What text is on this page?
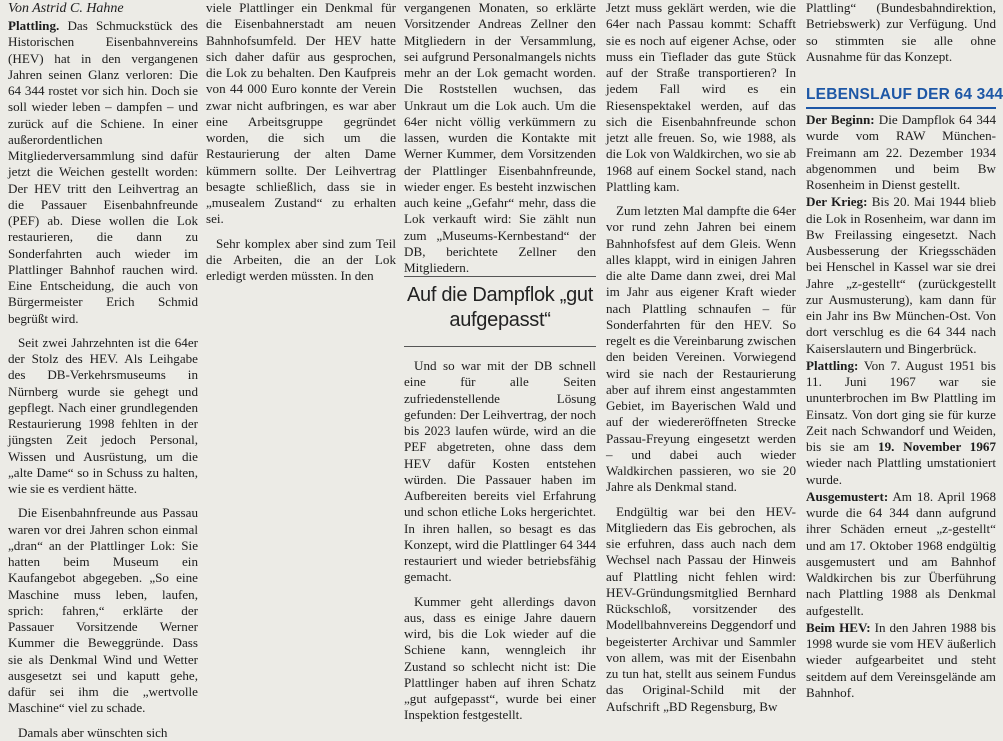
Von Astrid C. Hahne

Plattling. Das Schmuckstück des Historischen Eisenbahnvereins (HEV) hat in den vergangenen Jahren seinen Glanz verloren: Die 64 344 rostet vor sich hin. Doch sie soll wieder leben – dampfen – und zurück auf die Schiene. In einer außerordentlichen Mitgliederversammlung sind dafür jetzt die Weichen gestellt worden: Der HEV tritt den Leihvertrag an die Passauer Eisenbahnfreunde (PEF) ab. Diese wollen die Lok restaurieren, die dann zu Sonderfahrten auch wieder im Plattlinger Bahnhof rauchen wird. Eine Entscheidung, die auch von Bürgermeister Erich Schmid begrüßt wird.

Seit zwei Jahrzehnten ist die 64er der Stolz des HEV. Als Leihgabe des DB-Verkehrsmuseums in Nürnberg wurde sie gehegt und gepflegt. Nach einer grundlegenden Restaurierung 1998 fehlten in der jüngsten Zeit jedoch Personal, Wissen und Ausrüstung, um die „alte Dame“ so in Schuss zu halten, wie sie es verdient hätte.

Die Eisenbahnfreunde aus Passau waren vor drei Jahren schon einmal „dran“ an der Plattlinger Lok: Sie hatten beim Museum ein Kaufangebot abgegeben. „So eine Maschine muss leben, laufen, sprich: fahren,“ erklärte der Passauer Vorsitzende Werner Kummer die Beweggründe. Dass sie als Denkmal Wind und Wetter ausgesetzt sei und kaputt gehe, dafür sei ihm die „wertvolle Maschine“ viel zu schade.

Damals aber wünschten sich

viele Plattlinger ein Denkmal für die Eisenbahnerstadt am neuen Bahnhofsumfeld. Der HEV hatte sich daher dafür aus gesprochen, die Lok zu behalten. Den Kaufpreis von 44 000 Euro konnte der Verein zwar nicht aufbringen, es war aber eine Arbeitsgruppe gegründet worden, die sich um die Restaurierung der alten Dame kümmern sollte. Der Leihvertrag besagte schließlich, dass sie in „musealem Zustand“ zu erhalten sei.

Sehr komplex aber sind zum Teil die Arbeiten, die an der Lok erledigt werden müssten. In den

vergangenen Monaten, so erklärte Vorsitzender Andreas Zellner den Mitgliedern in der Versammlung, sei aufgrund Personalmangels nichts mehr an der Lok gemacht worden. Die Roststellen wuchsen, das Unkraut um die Lok auch. Um die 64er nicht völlig verkümmern zu lassen, wurden die Kontakte mit Werner Kummer, dem Vorsitzenden der Plattlinger Eisenbahnfreunde, wieder enger. Es besteht inzwischen auch keine „Gefahr“ mehr, dass die Lok verkauft wird: Sie zählt nun zum „Museums-Kernbestand“ der DB, berichtete Zellner den Mitgliedern.

Auf die Dampflok „gut aufgepasst“

Und so war mit der DB schnell eine für alle Seiten zufriedenstellende Lösung gefunden: Der Leihvertrag, der noch bis 2023 laufen würde, wird an die PEF abgetreten, ohne dass dem HEV dafür Kosten entstehen würden. Die Passauer haben im Aufbereiten bereits viel Erfahrung und schon etliche Loks hergerichtet. In ihren hallen, so besagt es das Konzept, wird die Plattlinger 64 344 restauriert und wieder betriebsfähig gemacht.

Kummer geht allerdings davon aus, dass es einige Jahre dauern wird, bis die Lok wieder auf die Schiene kann, wenngleich ihr Zustand so schlecht nicht ist: Die Plattlinger haben auf ihren Schatz „gut aufgepasst“, wurde bei einer Inspektion festgestellt.

Jetzt muss geklärt werden, wie die 64er nach Passau kommt: Schafft sie es noch auf eigener Achse, oder muss ein Tieflader das gute Stück auf der Straße transportieren? In jedem Fall wird es ein Riesenspektakel werden, auf das sich die Eisenbahnfreunde schon jetzt alle freuen. So, wie 1988, als die Lok von Waldkirchen, wo sie ab 1968 auf einem Sockel stand, nach Plattling kam.

Zum letzten Mal dampfte die 64er vor rund zehn Jahren bei einem Bahnhofsfest auf dem Gleis. Wenn alles klappt, wird in einigen Jahren die alte Dame dann zwei, drei Mal im Jahr aus eigener Kraft wieder nach Plattling schnaufen – für Sonderfahrten für den HEV. So regelt es die Vereinbarung zwischen den beiden Vereinen. Vorwiegend wird sie nach der Restaurierung aber auf ihrem einst angestammten Gebiet, im Bayerischen Wald und auf der wiedereröffneten Strecke Passau-Freyung eingesetzt werden – und dabei auch wieder Waldkirchen passieren, wo sie 20 Jahre als Denkmal stand.

Endgültig war bei den HEV-Mitgliedern das Eis gebrochen, als sie erfuhren, dass auch nach dem Wechsel nach Passau der Hinweis auf Plattling nicht fehlen wird: HEV-Gründungsmitglied Bernhard Rückschloß, vorsitzender des Modellbahnvereins Deggendorf und begeisterter Archivar und Sammler von allem, was mit der Eisenbahn zu tun hat, stellt aus seinem Fundus das Original-Schild mit der Aufschrift „BD Regensburg, Bw

Plattling“ (Bundesbahndirektion, Betriebswerk) zur Verfügung. Und so stimmten sie alle ohne Ausnahme für das Konzept.

LEBENSLAUF DER 64 344

Der Beginn: Die Dampflok 64 344 wurde vom RAW München-Freimann am 22. Dezember 1934 abgenommen und beim Bw Rosenheim in Dienst gestellt.

Der Krieg: Bis 20. Mai 1944 blieb die Lok in Rosenheim, war dann im Bw Freilassing eingesetzt. Nach Ausbesserung der Kriegsschäden bei Henschel in Kassel war sie drei Jahre „z-gestellt“ (zurückgestellt zur Ausmusterung), kam dann für ein Jahr ins Bw München-Ost. Von dort verschlug es die 64 344 nach Kaiserslautern und Bingerbrück.

Plattling: Von 7. August 1951 bis 11. Juni 1967 war sie ununterbrochen im Bw Plattling im Einsatz. Von dort ging sie für kurze Zeit nach Schwandorf und Weiden, bis sie am 19. November 1967 wieder nach Plattling umstationiert wurde.

Ausgemustert: Am 18. April 1968 wurde die 64 344 dann aufgrund ihrer Schäden erneut „z-gestellt“ und am 17. Oktober 1968 endgültig ausgemustert und am Bahnhof Waldkirchen bis zur Überführung nach Plattling 1988 als Denkmal aufgestellt.

Beim HEV: In den Jahren 1988 bis 1998 wurde sie vom HEV äußerlich wieder aufgearbeitet und steht seitdem auf dem Vereinsgelände am Bahnhof.
